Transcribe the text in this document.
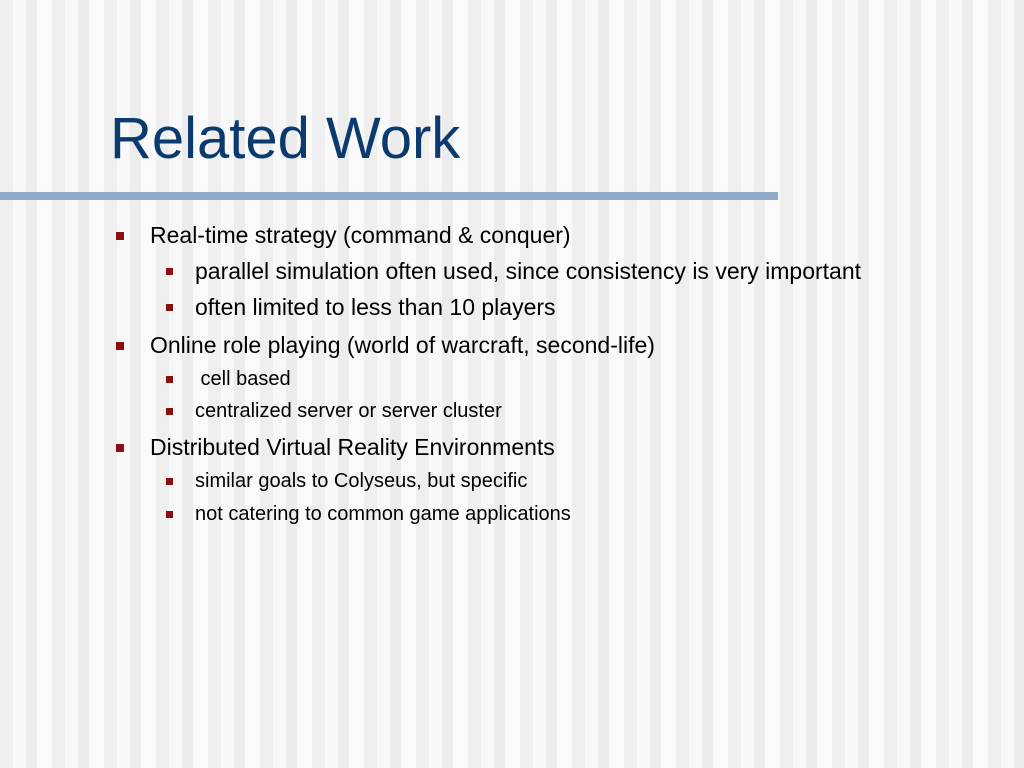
Related Work
Real-time strategy (command & conquer)
parallel simulation often used, since consistency is very important
often limited to less than 10 players
Online role playing (world of warcraft, second-life)
cell based
centralized server or server cluster
Distributed Virtual Reality Environments
similar goals to Colyseus, but specific
not catering to common game applications
